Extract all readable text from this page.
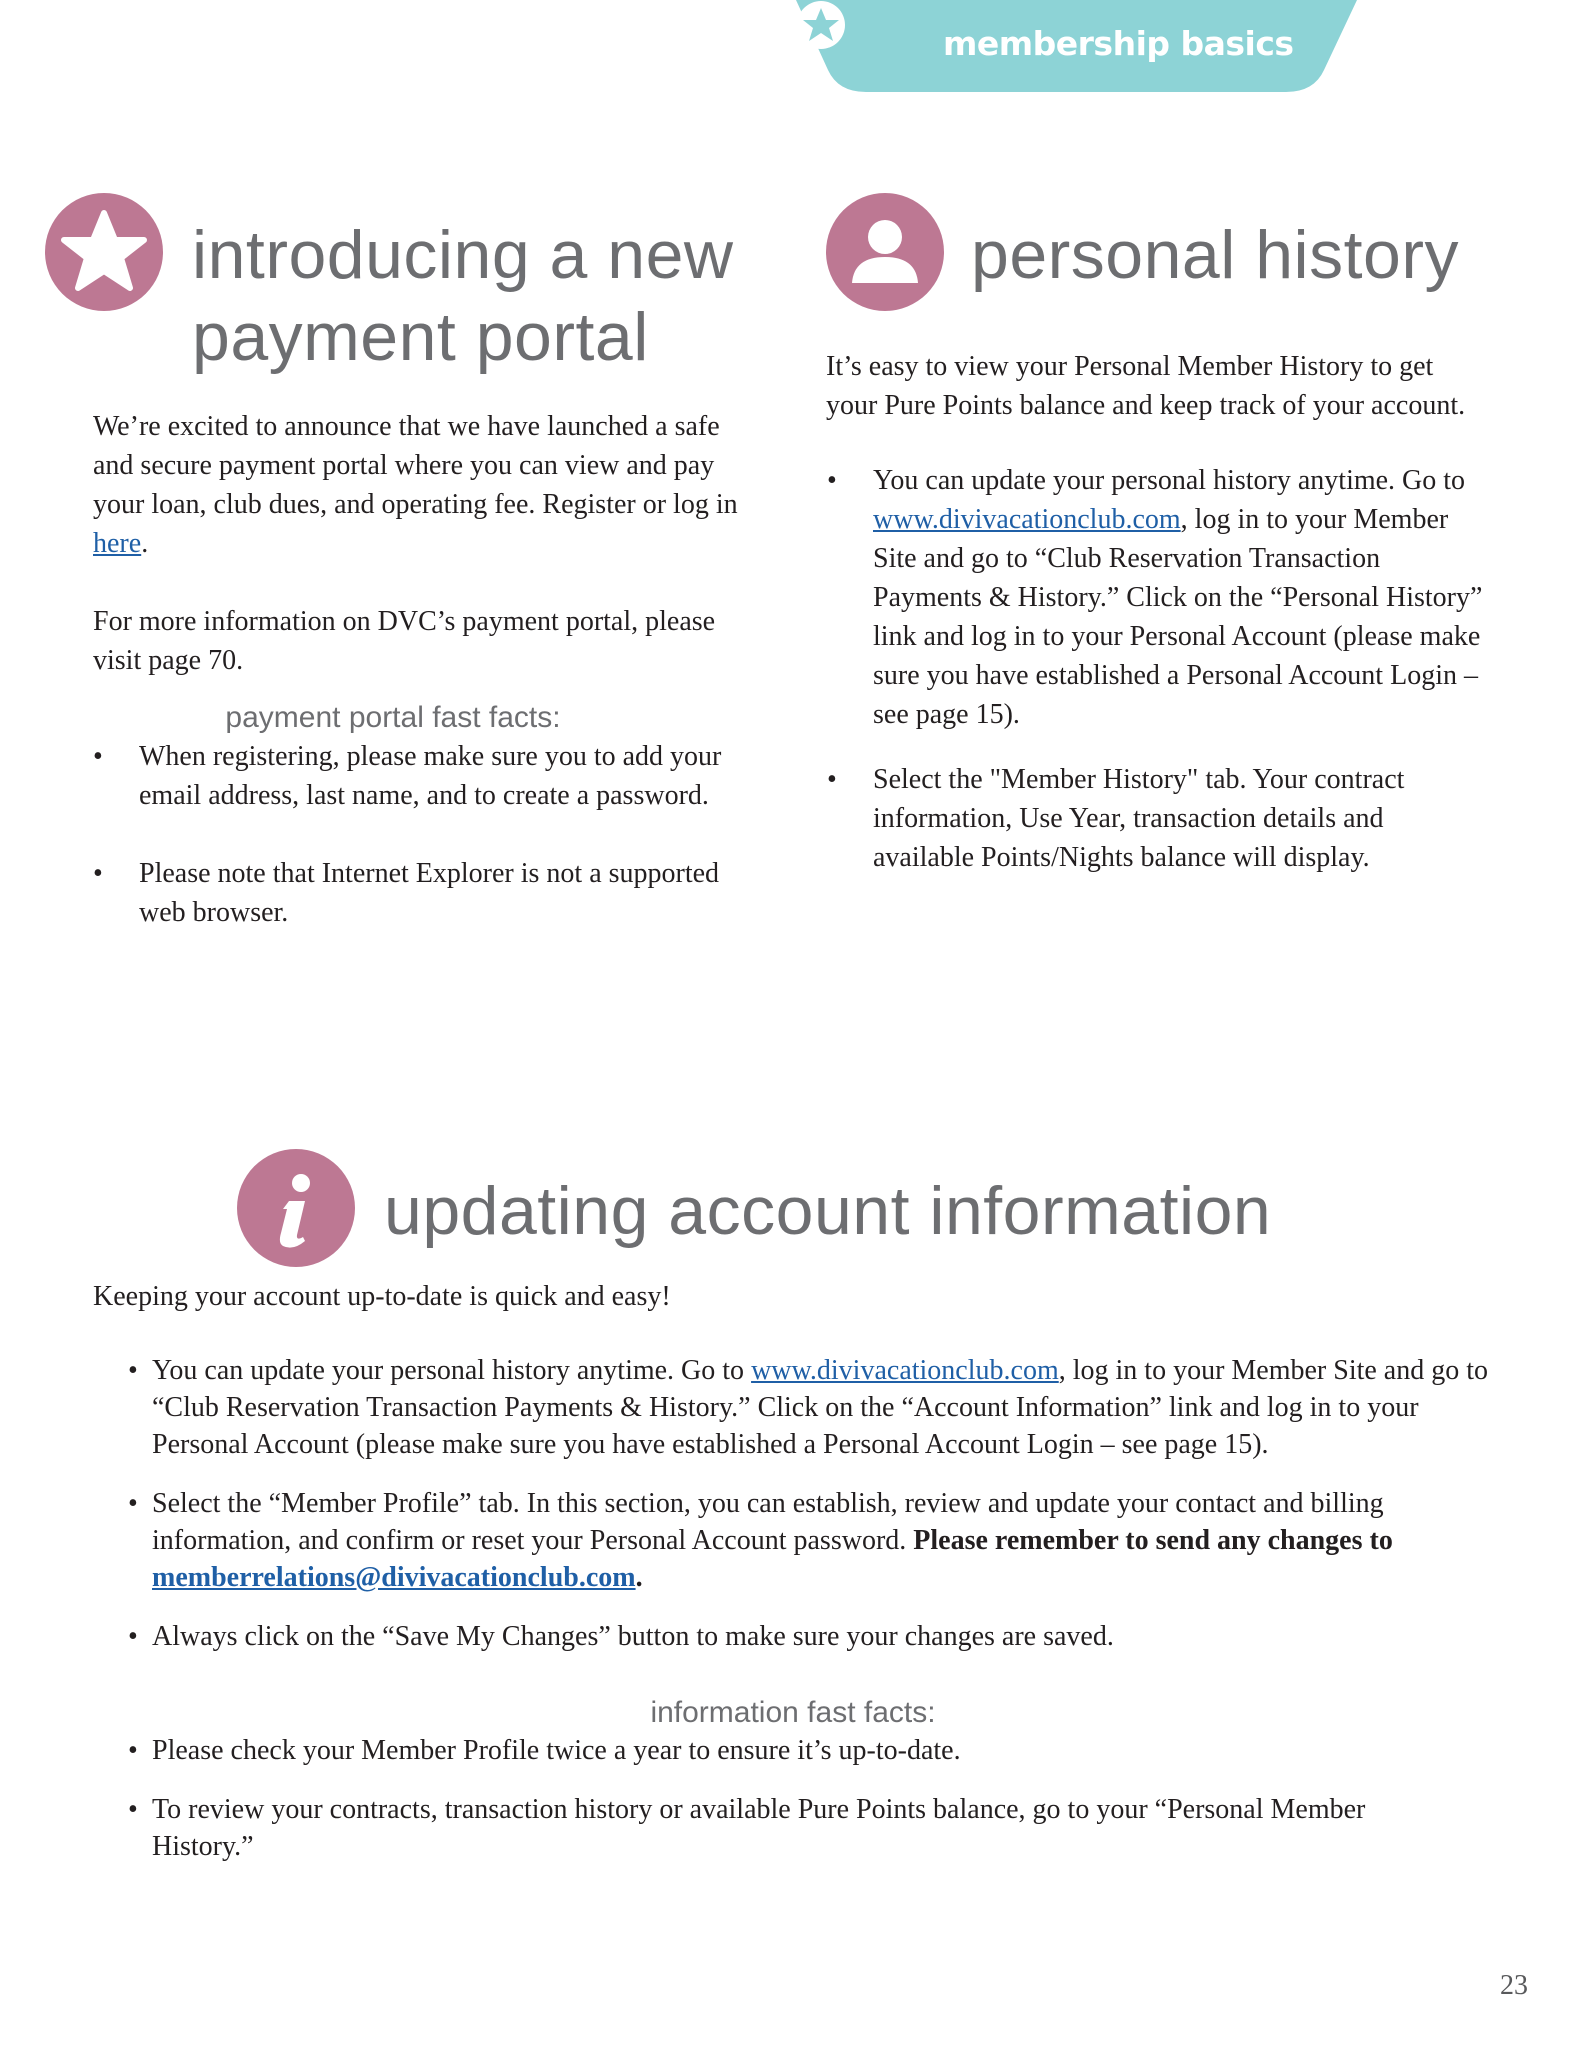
membership basics
introducing a new
payment portal

We’re excited to announce that we have launched a safe and secure payment portal where you can view and pay your loan, club dues, and operating fee. Register or log in here.

For more information on DVC’s payment portal, please visit page 70.

payment portal fast facts:
• When registering, please make sure you to add your email address, last name, and to create a password.
• Please note that Internet Explorer is not a supported web browser.
personal history

It’s easy to view your Personal Member History to get your Pure Points balance and keep track of your account.

• You can update your personal history anytime. Go to www.divivacationclub.com, log in to your Member Site and go to “Club Reservation Transaction Payments & History.” Click on the “Personal History” link and log in to your Personal Account (please make sure you have established a Personal Account Login – see page 15).
• Select the "Member History" tab. Your contract information, Use Year, transaction details and available Points/Nights balance will display.
updating account information

Keeping your account up-to-date is quick and easy!

• You can update your personal history anytime. Go to www.divivacationclub.com, log in to your Member Site and go to “Club Reservation Transaction Payments & History.” Click on the “Account Information” link and log in to your Personal Account (please make sure you have established a Personal Account Login – see page 15).
• Select the “Member Profile” tab. In this section, you can establish, review and update your contact and billing information, and confirm or reset your Personal Account password. Please remember to send any changes to memberrelations@divivacationclub.com.
• Always click on the “Save My Changes” button to make sure your changes are saved.
information fast facts:
• Please check your Member Profile twice a year to ensure it’s up-to-date.
• To review your contracts, transaction history or available Pure Points balance, go to your “Personal Member History.”
23
